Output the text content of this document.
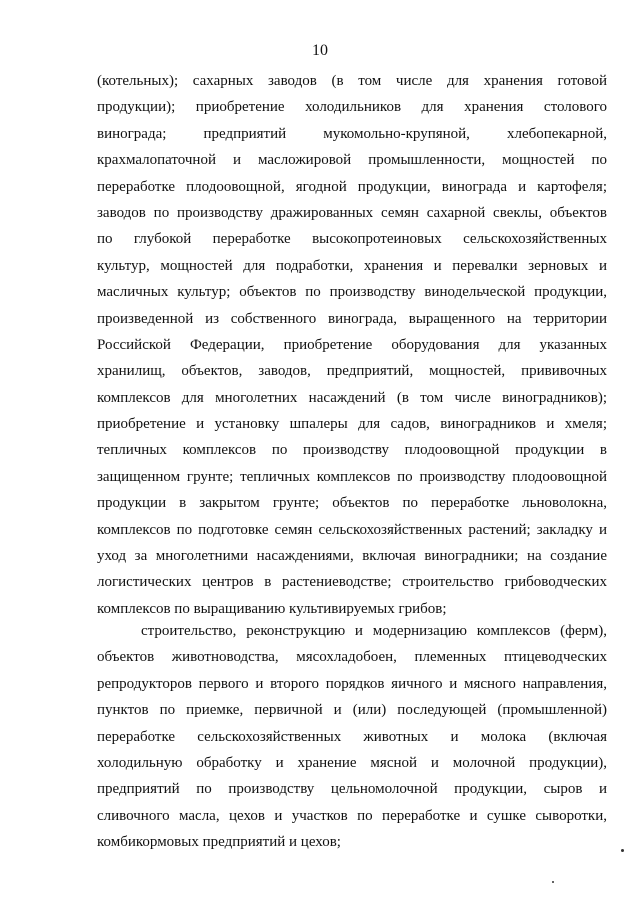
10
(котельных); сахарных заводов (в том числе для хранения готовой
продукции); приобретение холодильников для хранения столового
винограда; предприятий мукомольно-крупяной, хлебопекарной,
крахмалопаточной и масложировой промышленности, мощностей по
переработке плодоовощной, ягодной продукции, винограда и картофеля;
заводов по производству дражированных семян сахарной свеклы, объектов
по глубокой переработке высокопротеиновых сельскохозяйственных
культур, мощностей для подработки, хранения и перевалки зерновых и
масличных культур; объектов по производству винодельческой продукции,
произведенной из собственного винограда, выращенного на территории
Российской Федерации, приобретение оборудования для указанных
хранилищ, объектов, заводов, предприятий, мощностей, прививочных
комплексов для многолетних насаждений (в том числе виноградников);
приобретение и установку шпалеры для садов, виноградников и хмеля;
тепличных комплексов по производству плодоовощной продукции в
защищенном грунте; тепличных комплексов по производству плодоовощной
продукции в закрытом грунте; объектов по переработке льноволокна,
комплексов по подготовке семян сельскохозяйственных растений; закладку и
уход за многолетними насаждениями, включая виноградники; на создание
логистических центров в растениеводстве; строительство грибоводческих
комплексов по выращиванию культивируемых грибов;
строительство, реконструкцию и модернизацию комплексов (ферм),
объектов животноводства, мясохладобоен, племенных птицеводческих
репродукторов первого и второго порядков яичного и мясного направления,
пунктов по приемке, первичной и (или) последующей (промышленной)
переработке сельскохозяйственных животных и молока (включая
холодильную обработку и хранение мясной и молочной продукции),
предприятий по производству цельномолочной продукции, сыров и
сливочного масла, цехов и участков по переработке и сушке сыворотки,
комбикормовых предприятий и цехов;
